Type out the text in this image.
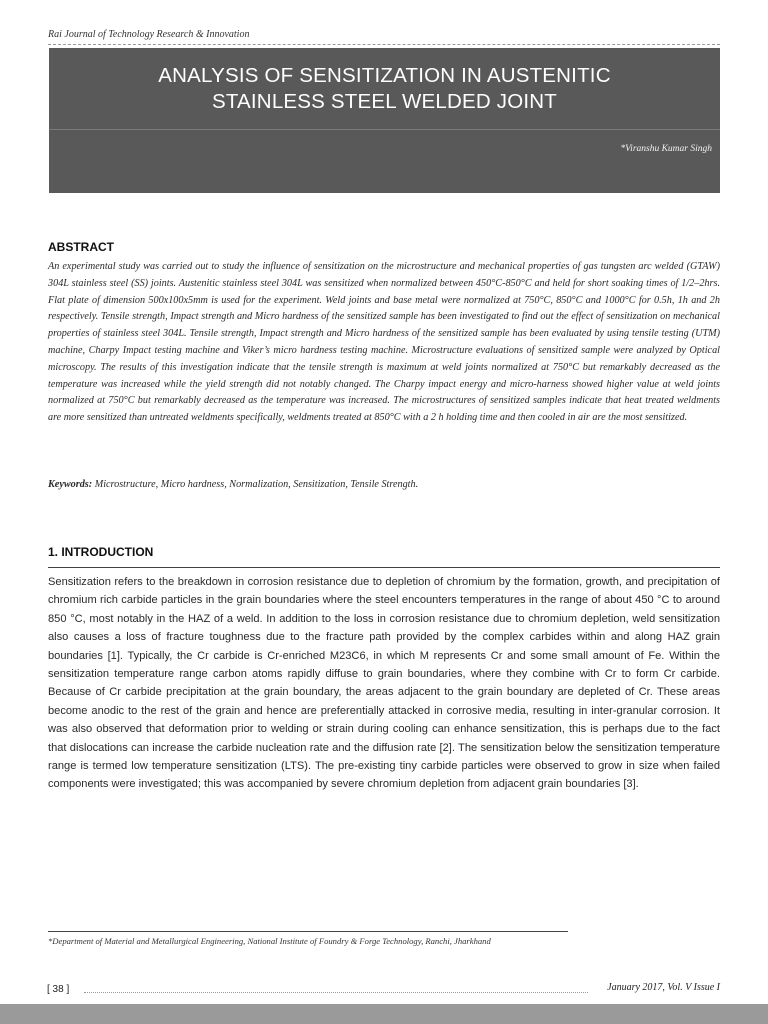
Rai Journal of Technology Research & Innovation
ANALYSIS OF SENSITIZATION IN AUSTENITIC STAINLESS STEEL WELDED JOINT
*Viranshu Kumar Singh
ABSTRACT

An experimental study was carried out to study the influence of sensitization on the microstructure and mechanical properties of gas tungsten arc welded (GTAW) 304L stainless steel (SS) joints. Austenitic stainless steel 304L was sensitized when normalized between 450°C-850°C and held for short soaking times of 1/2–2hrs. Flat plate of dimension 500x100x5mm is used for the experiment. Weld joints and base metal were normalized at 750°C, 850°C and 1000°C for 0.5h, 1h and 2h respectively. Tensile strength, Impact strength and Micro hardness of the sensitized sample has been investigated to find out the effect of sensitization on mechanical properties of stainless steel 304L. Tensile strength, Impact strength and Micro hardness of the sensitized sample has been evaluated by using tensile testing (UTM) machine, Charpy Impact testing machine and Viker’s micro hardness testing machine. Microstructure evaluations of sensitized sample were analyzed by Optical microscopy. The results of this investigation indicate that the tensile strength is maximum at weld joints normalized at 750°C but remarkably decreased as the temperature was increased while the yield strength did not notably changed. The Charpy impact energy and micro-harness showed higher value at weld joints normalized at 750°C but remarkably decreased as the temperature was increased. The microstructures of sensitized samples indicate that heat treated weldments are more sensitized than untreated weldments specifically, weldments treated at 850°C with a 2 h holding time and then cooled in air are the most sensitized.

Keywords: Microstructure, Micro hardness, Normalization, Sensitization, Tensile Strength.

1. INTRODUCTION

Sensitization refers to the breakdown in corrosion resistance due to depletion of chromium by the formation, growth, and precipitation of chromium rich carbide particles in the grain boundaries where the steel encounters temperatures in the range of about 450 °C to around 850 °C, most notably in the HAZ of a weld. In addition to the loss in corrosion resistance due to chromium depletion, weld sensitization also causes a loss of fracture toughness due to the fracture path provided by the complex carbides within and along HAZ grain boundaries [1]. Typically, the Cr carbide is Cr-enriched M23C6, in which M represents Cr and some small amount of Fe. Within the sensitization temperature range carbon atoms rapidly diffuse to grain boundaries, where they combine with Cr to form Cr carbide. Because of Cr carbide precipitation at the grain boundary, the areas adjacent to the grain boundary are depleted of Cr. These areas become anodic to the rest of the grain and hence are preferentially attacked in corrosive media, resulting in inter-granular corrosion. It was also observed that deformation prior to welding or strain during cooling can enhance sensitization, this is perhaps due to the fact that dislocations can increase the carbide nucleation rate and the diffusion rate [2]. The sensitization below the sensitization temperature range is termed low temperature sensitization (LTS). The pre-existing tiny carbide particles were observed to grow in size when failed components were investigated; this was accompanied by severe chromium depletion from adjacent grain boundaries [3].

*Department of Material and Metallurgical Engineering, National Institute of Foundry & Forge Technology, Ranchi, Jharkhand
[ 38 ]	January 2017, Vol. V Issue I
